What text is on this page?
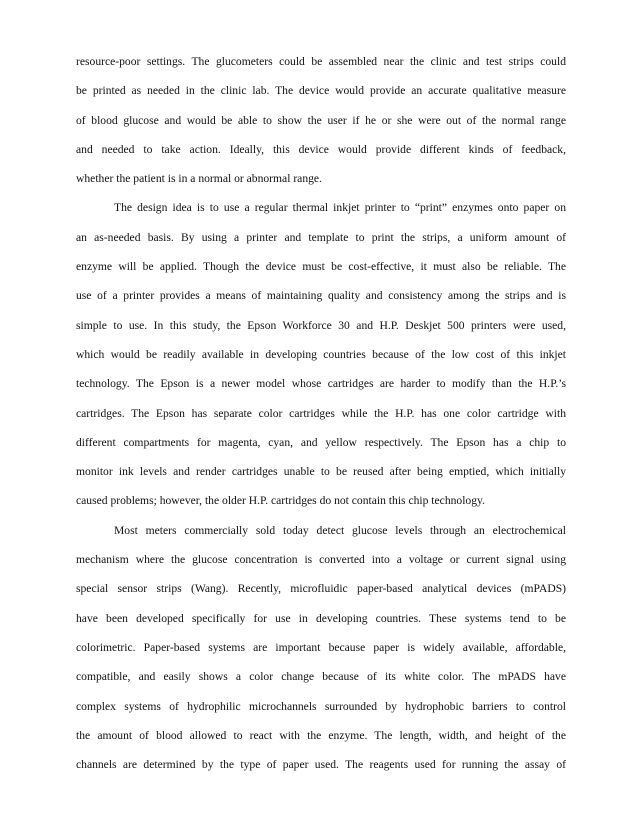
resource-poor settings. The glucometers could be assembled near the clinic and test strips could
be printed as needed in the clinic lab. The device would provide an accurate qualitative measure
of blood glucose and would be able to show the user if he or she were out of the normal range
and needed to take action. Ideally, this device would provide different kinds of feedback,
whether the patient is in a normal or abnormal range.
The design idea is to use a regular thermal inkjet printer to “print” enzymes onto paper on
an as-needed basis. By using a printer and template to print the strips, a uniform amount of
enzyme will be applied. Though the device must be cost-effective, it must also be reliable. The
use of a printer provides a means of maintaining quality and consistency among the strips and is
simple to use. In this study, the Epson Workforce 30 and H.P. Deskjet 500 printers were used,
which would be readily available in developing countries because of the low cost of this inkjet
technology. The Epson is a newer model whose cartridges are harder to modify than the H.P.’s
cartridges. The Epson has separate color cartridges while the H.P. has one color cartridge with
different compartments for magenta, cyan, and yellow respectively. The Epson has a chip to
monitor ink levels and render cartridges unable to be reused after being emptied, which initially
caused problems; however, the older H.P. cartridges do not contain this chip technology.
Most meters commercially sold today detect glucose levels through an electrochemical
mechanism where the glucose concentration is converted into a voltage or current signal using
special sensor strips (Wang). Recently, microfluidic paper-based analytical devices (mPADS)
have been developed specifically for use in developing countries. These systems tend to be
colorimetric. Paper-based systems are important because paper is widely available, affordable,
compatible, and easily shows a color change because of its white color. The mPADS have
complex systems of hydrophilic microchannels surrounded by hydrophobic barriers to control
the amount of blood allowed to react with the enzyme. The length, width, and height of the
channels are determined by the type of paper used. The reagents used for running the assay of
